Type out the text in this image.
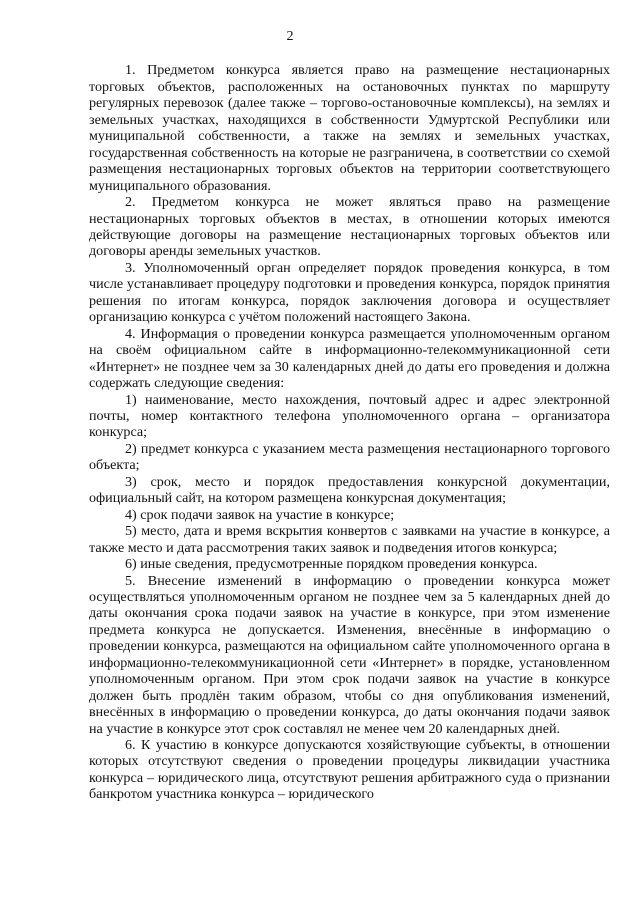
2

1. Предметом конкурса является право на размещение нестационарных торговых объектов, расположенных на остановочных пунктах по маршруту регулярных перевозок (далее также – торгово-остановочные комплексы), на землях и земельных участках, находящихся в собственности Удмуртской Республики или муниципальной собственности, а также на землях и земельных участках, государственная собственность на которые не разграничена, в соответствии со схемой размещения нестационарных торговых объектов на территории соответствующего муниципального образования.

2. Предметом конкурса не может являться право на размещение нестационарных торговых объектов в местах, в отношении которых имеются действующие договоры на размещение нестационарных торговых объектов или договоры аренды земельных участков.

3. Уполномоченный орган определяет порядок проведения конкурса, в том числе устанавливает процедуру подготовки и проведения конкурса, порядок принятия решения по итогам конкурса, порядок заключения договора и осуществляет организацию конкурса с учётом положений настоящего Закона.

4. Информация о проведении конкурса размещается уполномоченным органом на своём официальном сайте в информационно-телекоммуникационной сети «Интернет» не позднее чем за 30 календарных дней до даты его проведения и должна содержать следующие сведения:

1) наименование, место нахождения, почтовый адрес и адрес электронной почты, номер контактного телефона уполномоченного органа – организатора конкурса;

2) предмет конкурса с указанием места размещения нестационарного торгового объекта;

3) срок, место и порядок предоставления конкурсной документации, официальный сайт, на котором размещена конкурсная документация;

4) срок подачи заявок на участие в конкурсе;

5) место, дата и время вскрытия конвертов с заявками на участие в конкурсе, а также место и дата рассмотрения таких заявок и подведения итогов конкурса;

6) иные сведения, предусмотренные порядком проведения конкурса.

5. Внесение изменений в информацию о проведении конкурса может осуществляться уполномоченным органом не позднее чем за 5 календарных дней до даты окончания срока подачи заявок на участие в конкурсе, при этом изменение предмета конкурса не допускается. Изменения, внесённые в информацию о проведении конкурса, размещаются на официальном сайте уполномоченного органа в информационно-телекоммуникационной сети «Интернет» в порядке, установленном уполномоченным органом. При этом срок подачи заявок на участие в конкурсе должен быть продлён таким образом, чтобы со дня опубликования изменений, внесённых в информацию о проведении конкурса, до даты окончания подачи заявок на участие в конкурсе этот срок составлял не менее чем 20 календарных дней.

6. К участию в конкурсе допускаются хозяйствующие субъекты, в отношении которых отсутствуют сведения о проведении процедуры ликвидации участника конкурса – юридического лица, отсутствуют решения арбитражного суда о признании банкротом участника конкурса – юридического
